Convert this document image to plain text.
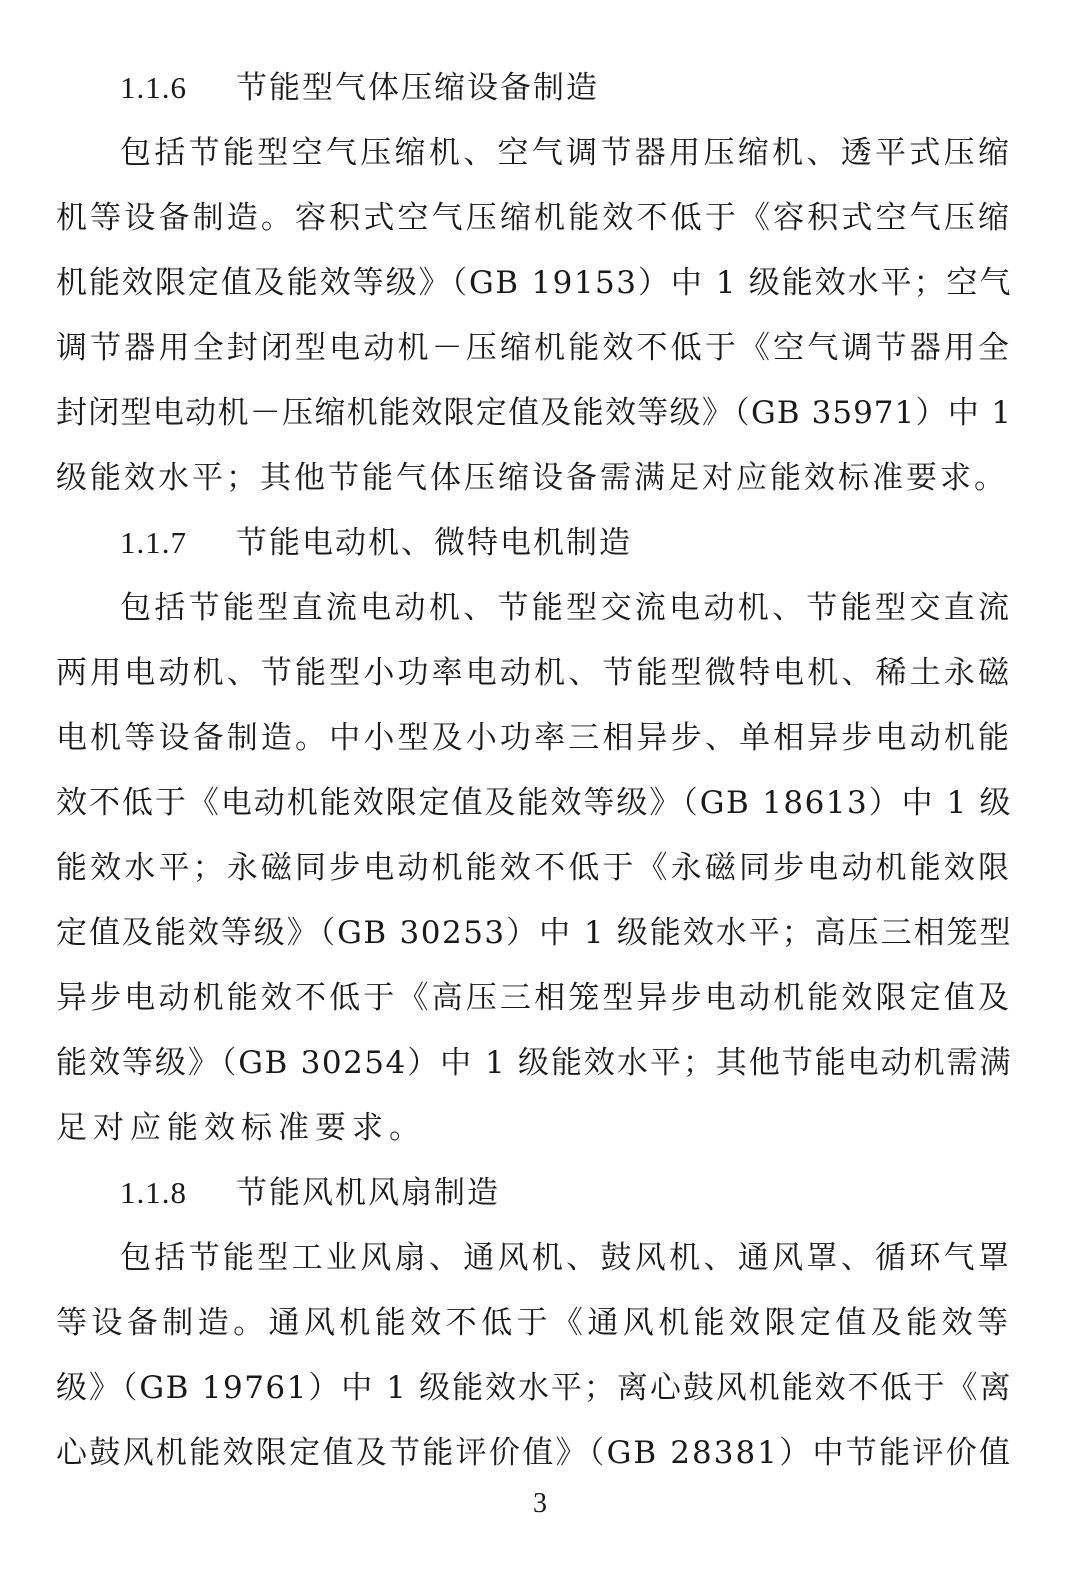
1.1.6	节能型气体压缩设备制造
包括节能型空气压缩机、空气调节器用压缩机、透平式压缩
机等设备制造。容积式空气压缩机能效不低于《容积式空气压缩
机能效限定值及能效等级》（GB 19153）中 1 级能效水平；空气
调节器用全封闭型电动机－压缩机能效不低于《空气调节器用全
封闭型电动机－压缩机能效限定值及能效等级》（GB 35971）中 1
级能效水平；其他节能气体压缩设备需满足对应能效标准要求。
1.1.7	节能电动机、微特电机制造
包括节能型直流电动机、节能型交流电动机、节能型交直流
两用电动机、节能型小功率电动机、节能型微特电机、稀土永磁
电机等设备制造。中小型及小功率三相异步、单相异步电动机能
效不低于《电动机能效限定值及能效等级》（GB 18613）中 1 级
能效水平；永磁同步电动机能效不低于《永磁同步电动机能效限
定值及能效等级》（GB 30253）中 1 级能效水平；高压三相笼型
异步电动机能效不低于《高压三相笼型异步电动机能效限定值及
能效等级》（GB 30254）中 1 级能效水平；其他节能电动机需满
足对应能效标准要求。
1.1.8	节能风机风扇制造
包括节能型工业风扇、通风机、鼓风机、通风罩、循环气罩
等设备制造。通风机能效不低于《通风机能效限定值及能效等
级》（GB 19761）中 1 级能效水平；离心鼓风机能效不低于《离
心鼓风机能效限定值及节能评价值》（GB 28381）中节能评价值
3
